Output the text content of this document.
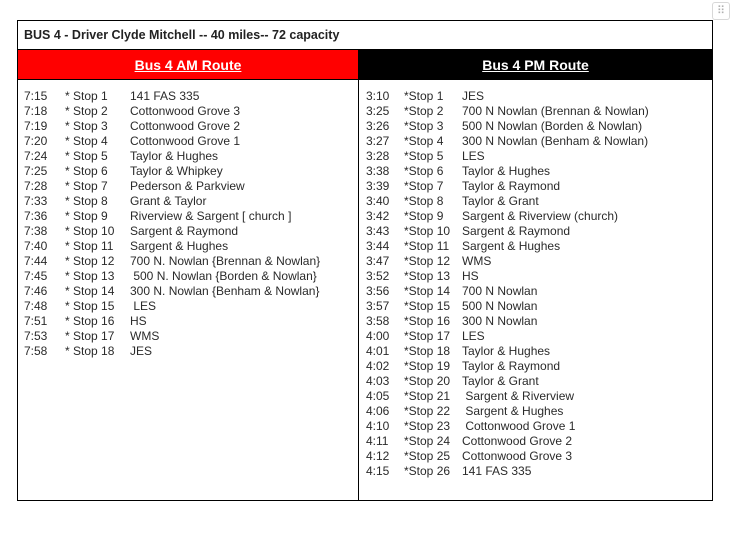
⠿
BUS 4 - Driver Clyde Mitchell -- 40 miles-- 72 capacity
Bus 4 AM Route	Bus 4 PM Route
7:15	* Stop 1	141 FAS 335
7:18	* Stop 2	Cottonwood Grove 3
7:19	* Stop 3	Cottonwood Grove 2
7:20	* Stop 4	Cottonwood Grove 1
7:24	* Stop 5	Taylor & Hughes
7:25	* Stop 6	Taylor & Whipkey
7:28	* Stop 7	Pederson & Parkview
7:33	* Stop 8	Grant & Taylor
7:36	* Stop 9	Riverview & Sargent [ church ]
7:38	* Stop 10	Sargent & Raymond
7:40	* Stop 11	Sargent & Hughes
7:44	* Stop 12	700 N. Nowlan {Brennan & Nowlan}
7:45	* Stop 13	500 N. Nowlan {Borden & Nowlan}
7:46	* Stop 14	300 N. Nowlan {Benham & Nowlan}
7:48	* Stop 15	LES
7:51	* Stop 16	HS
7:53	* Stop 17	WMS
7:58	* Stop 18	JES
3:10	*Stop 1	JES
3:25	*Stop 2	700 N Nowlan (Brennan & Nowlan)
3:26	*Stop 3	500 N Nowlan (Borden & Nowlan)
3:27	*Stop 4	300 N Nowlan (Benham & Nowlan)
3:28	*Stop 5	LES
3:38	*Stop 6	Taylor & Hughes
3:39	*Stop 7	Taylor & Raymond
3:40	*Stop 8	Taylor & Grant
3:42	*Stop 9	Sargent & Riverview (church)
3:43	*Stop 10 Sargent & Raymond
3:44	*Stop 11	Sargent & Hughes
3:47	*Stop 12 WMS
3:52	*Stop 13 HS
3:56	*Stop 14 700 N Nowlan
3:57	*Stop 15 500 N Nowlan
3:58	*Stop 16 300 N Nowlan
4:00	*Stop 17 LES
4:01	*Stop 18 Taylor & Hughes
4:02	*Stop 19 Taylor & Raymond
4:03	*Stop 20 Taylor & Grant
4:05	*Stop 21 Sargent & Riverview
4:06	*Stop 22 Sargent & Hughes
4:10	*Stop 23 Cottonwood Grove 1
4:11	*Stop 24 Cottonwood Grove 2
4:12	*Stop 25 Cottonwood Grove 3
4:15	*Stop 26 141 FAS 335
